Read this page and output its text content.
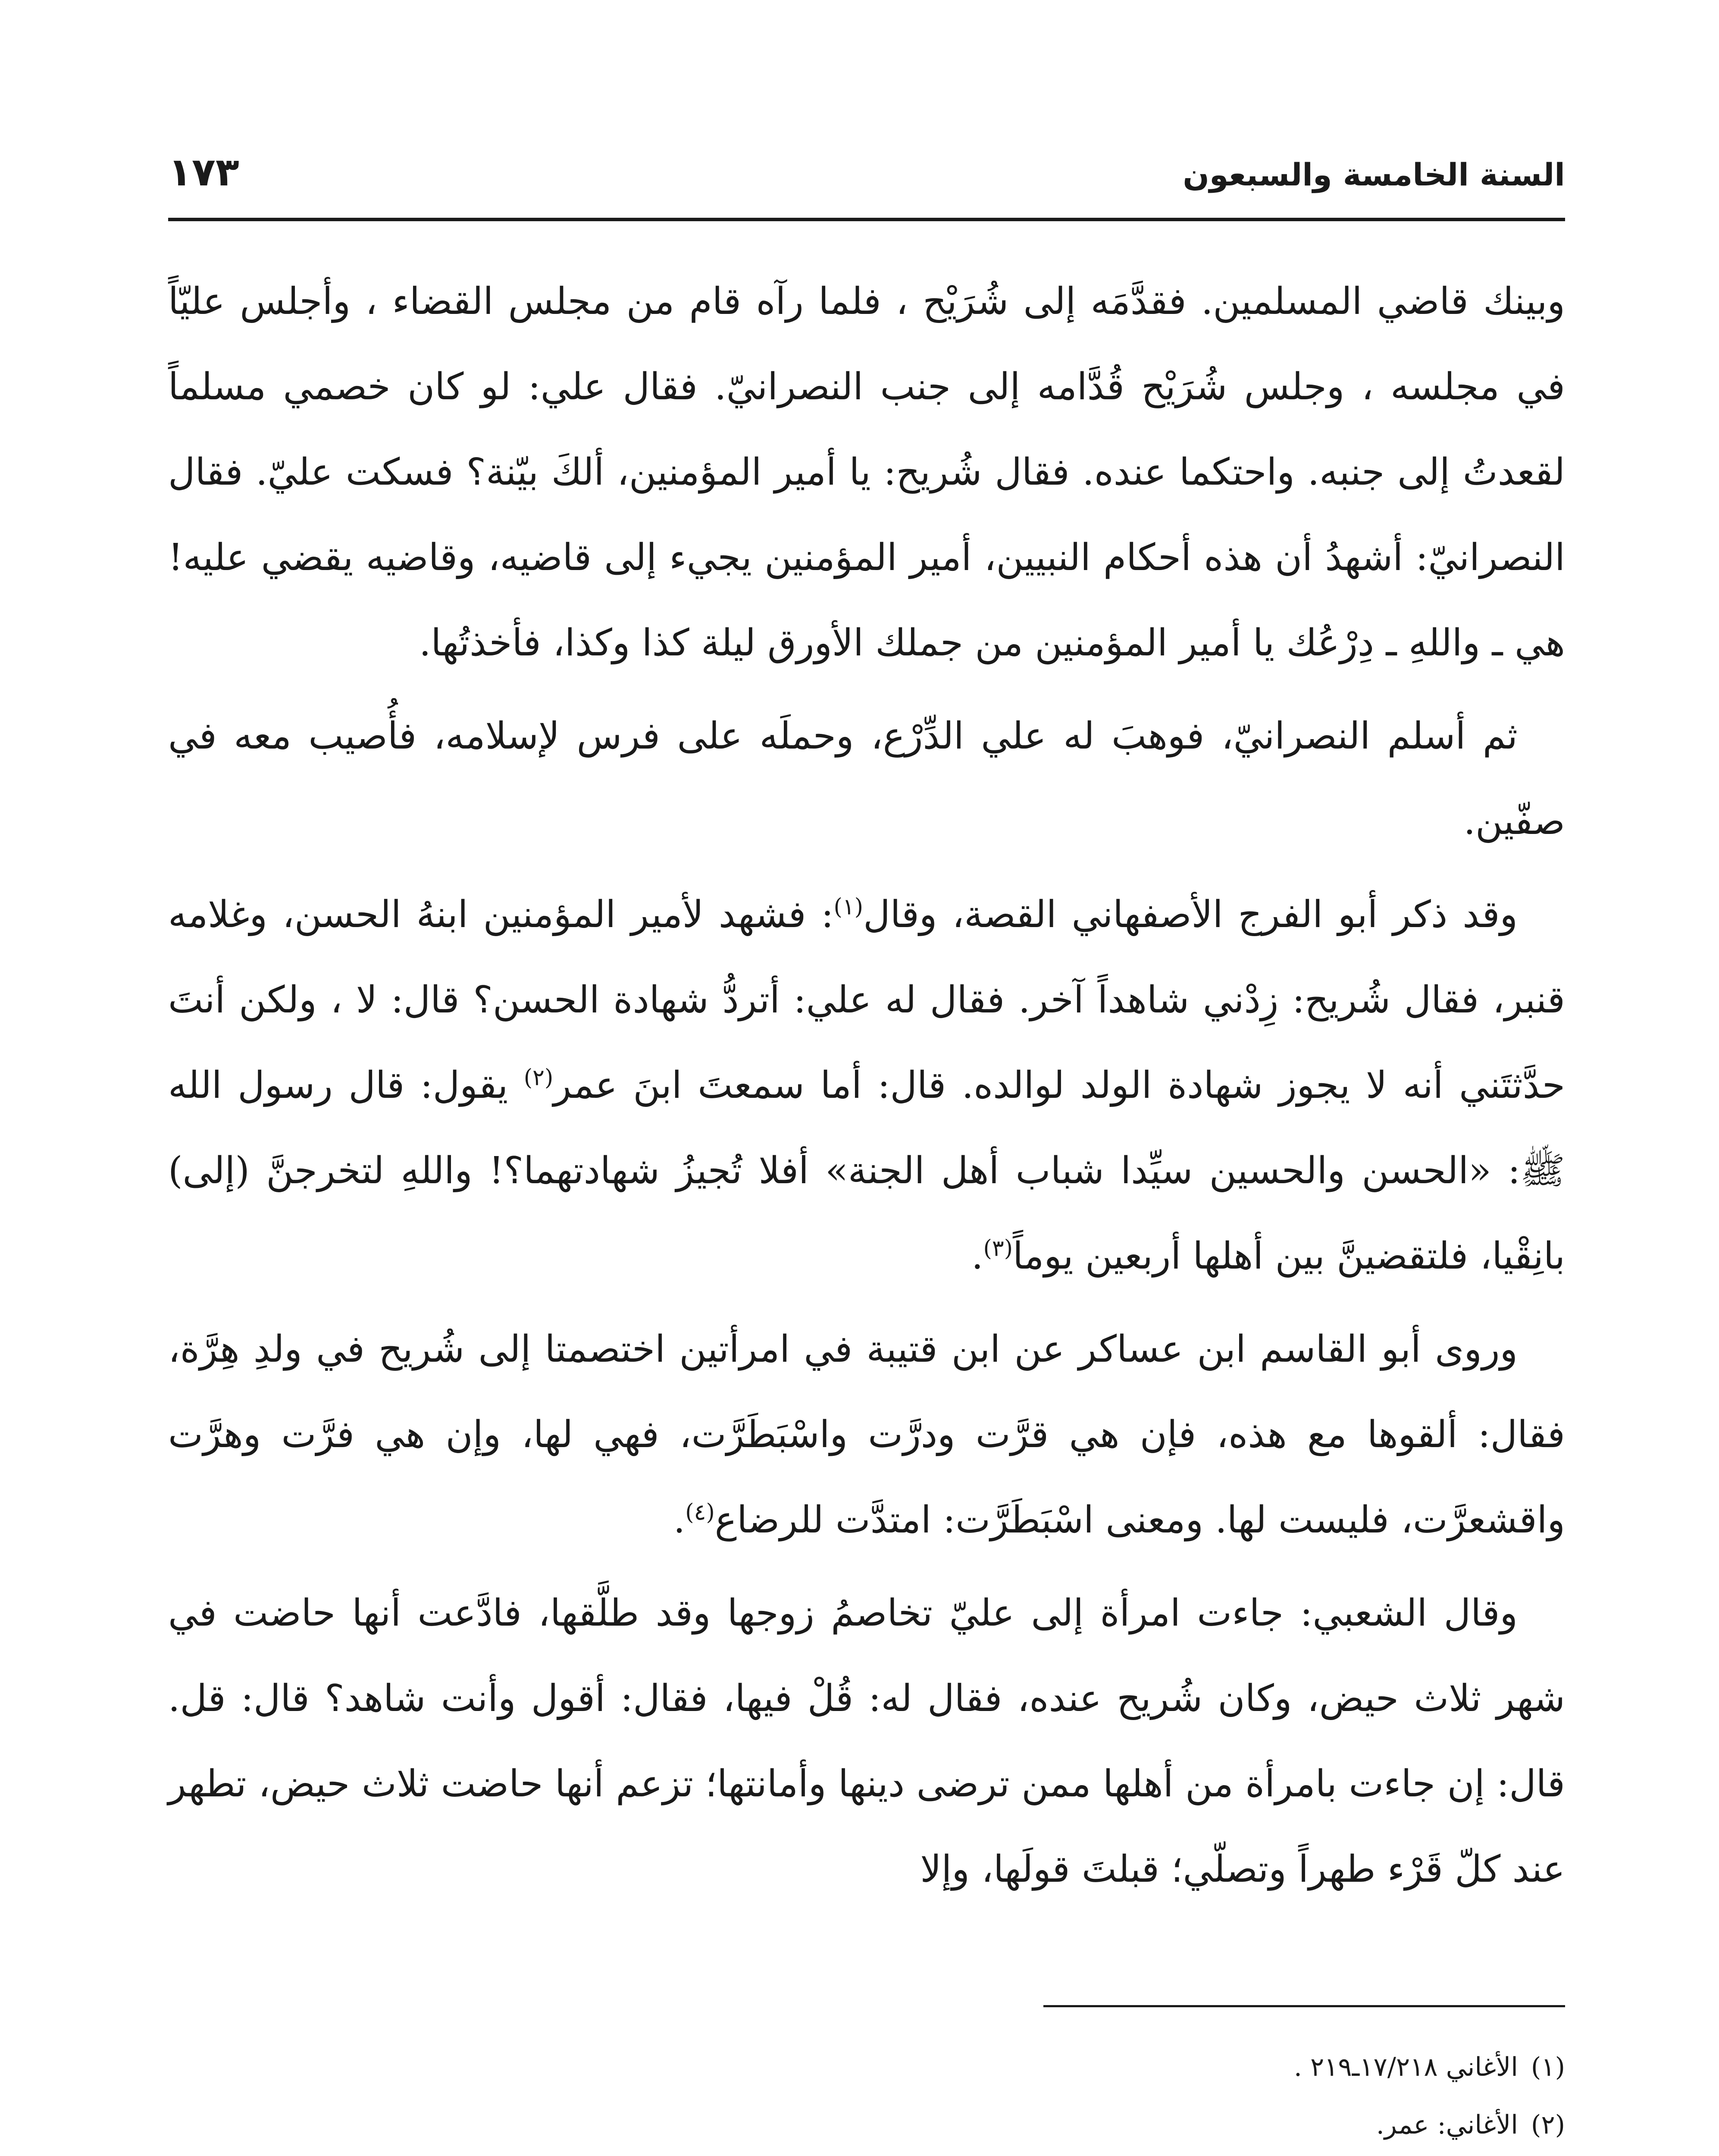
السنة الخامسة والسبعون
١٧٣

وبينك قاضي المسلمين. فقدَّمَه إلى شُرَيْح ، فلما رآه قام من مجلس القضاء ، وأجلس عليّاً في مجلسه ، وجلس شُرَيْح قُدَّامه إلى جنب النصرانيّ. فقال علي: لو كان خصمي مسلماً لقعدتُ إلى جنبه. واحتكما عنده. فقال شُريح: يا أمير المؤمنين، ألكَ بيّنة؟ فسكت عليّ. فقال النصرانيّ: أشهدُ أن هذه أحكام النبيين، أمير المؤمنين يجيء إلى قاضيه، وقاضيه يقضي عليه! هي ـ واللهِ ـ دِرْعُك يا أمير المؤمنين من جملك الأورق ليلة كذا وكذا، فأخذتُها.

ثم أسلم النصرانيّ، فوهبَ له علي الدِّرْع، وحملَه على فرس لإسلامه، فأُصيب معه في صفّين.

وقد ذكر أبو الفرج الأصفهاني القصة، وقال$^{(١)}$: فشهد لأمير المؤمنين ابنهُ الحسن، وغلامه قنبر، فقال شُريح: زِدْني شاهداً آخر. فقال له علي: أتردُّ شهادة الحسن؟ قال: لا ، ولكن أنتَ حدَّثتَني أنه لا يجوز شهادة الولد لوالده. قال: أما سمعتَ ابنَ عمر$^{(٢)}$ يقول: قال رسول الله ﷺ: «الحسن والحسين سيِّدا شباب أهل الجنة» أفلا تُجيزُ شهادتهما؟! واللهِ لتخرجنَّ (إلى) بانِقْيا، فلتقضينَّ بين أهلها أربعين يوماً$^{(٣)}$.

وروى أبو القاسم ابن عساكر عن ابن قتيبة في امرأتين اختصمتا إلى شُريح في ولدِ هِرَّة، فقال: ألقوها مع هذه، فإن هي قرَّت ودرَّت واسْبَطَرَّت، فهي لها، وإن هي فرَّت وهرَّت واقشعرَّت، فليست لها. ومعنى اسْبَطَرَّت: امتدَّت للرضاع$^{(٤)}$.

وقال الشعبي: جاءت امرأة إلى عليّ تخاصمُ زوجها وقد طلَّقها، فادَّعت أنها حاضت في شهر ثلاث حيض، وكان شُريح عنده، فقال له: قُلْ فيها، فقال: أقول وأنت شاهد؟ قال: قل. قال: إن جاءت بامرأة من أهلها ممن ترضى دينها وأمانتها؛ تزعم أنها حاضت ثلاث حيض، تطهر عند كلّ قَرْء طهراً وتصلّي؛ قبلتَ قولَها، وإلا

(١)الأغاني ١٧/٢١٨ـ٢١٩ .
(٢)الأغاني: عمر.
